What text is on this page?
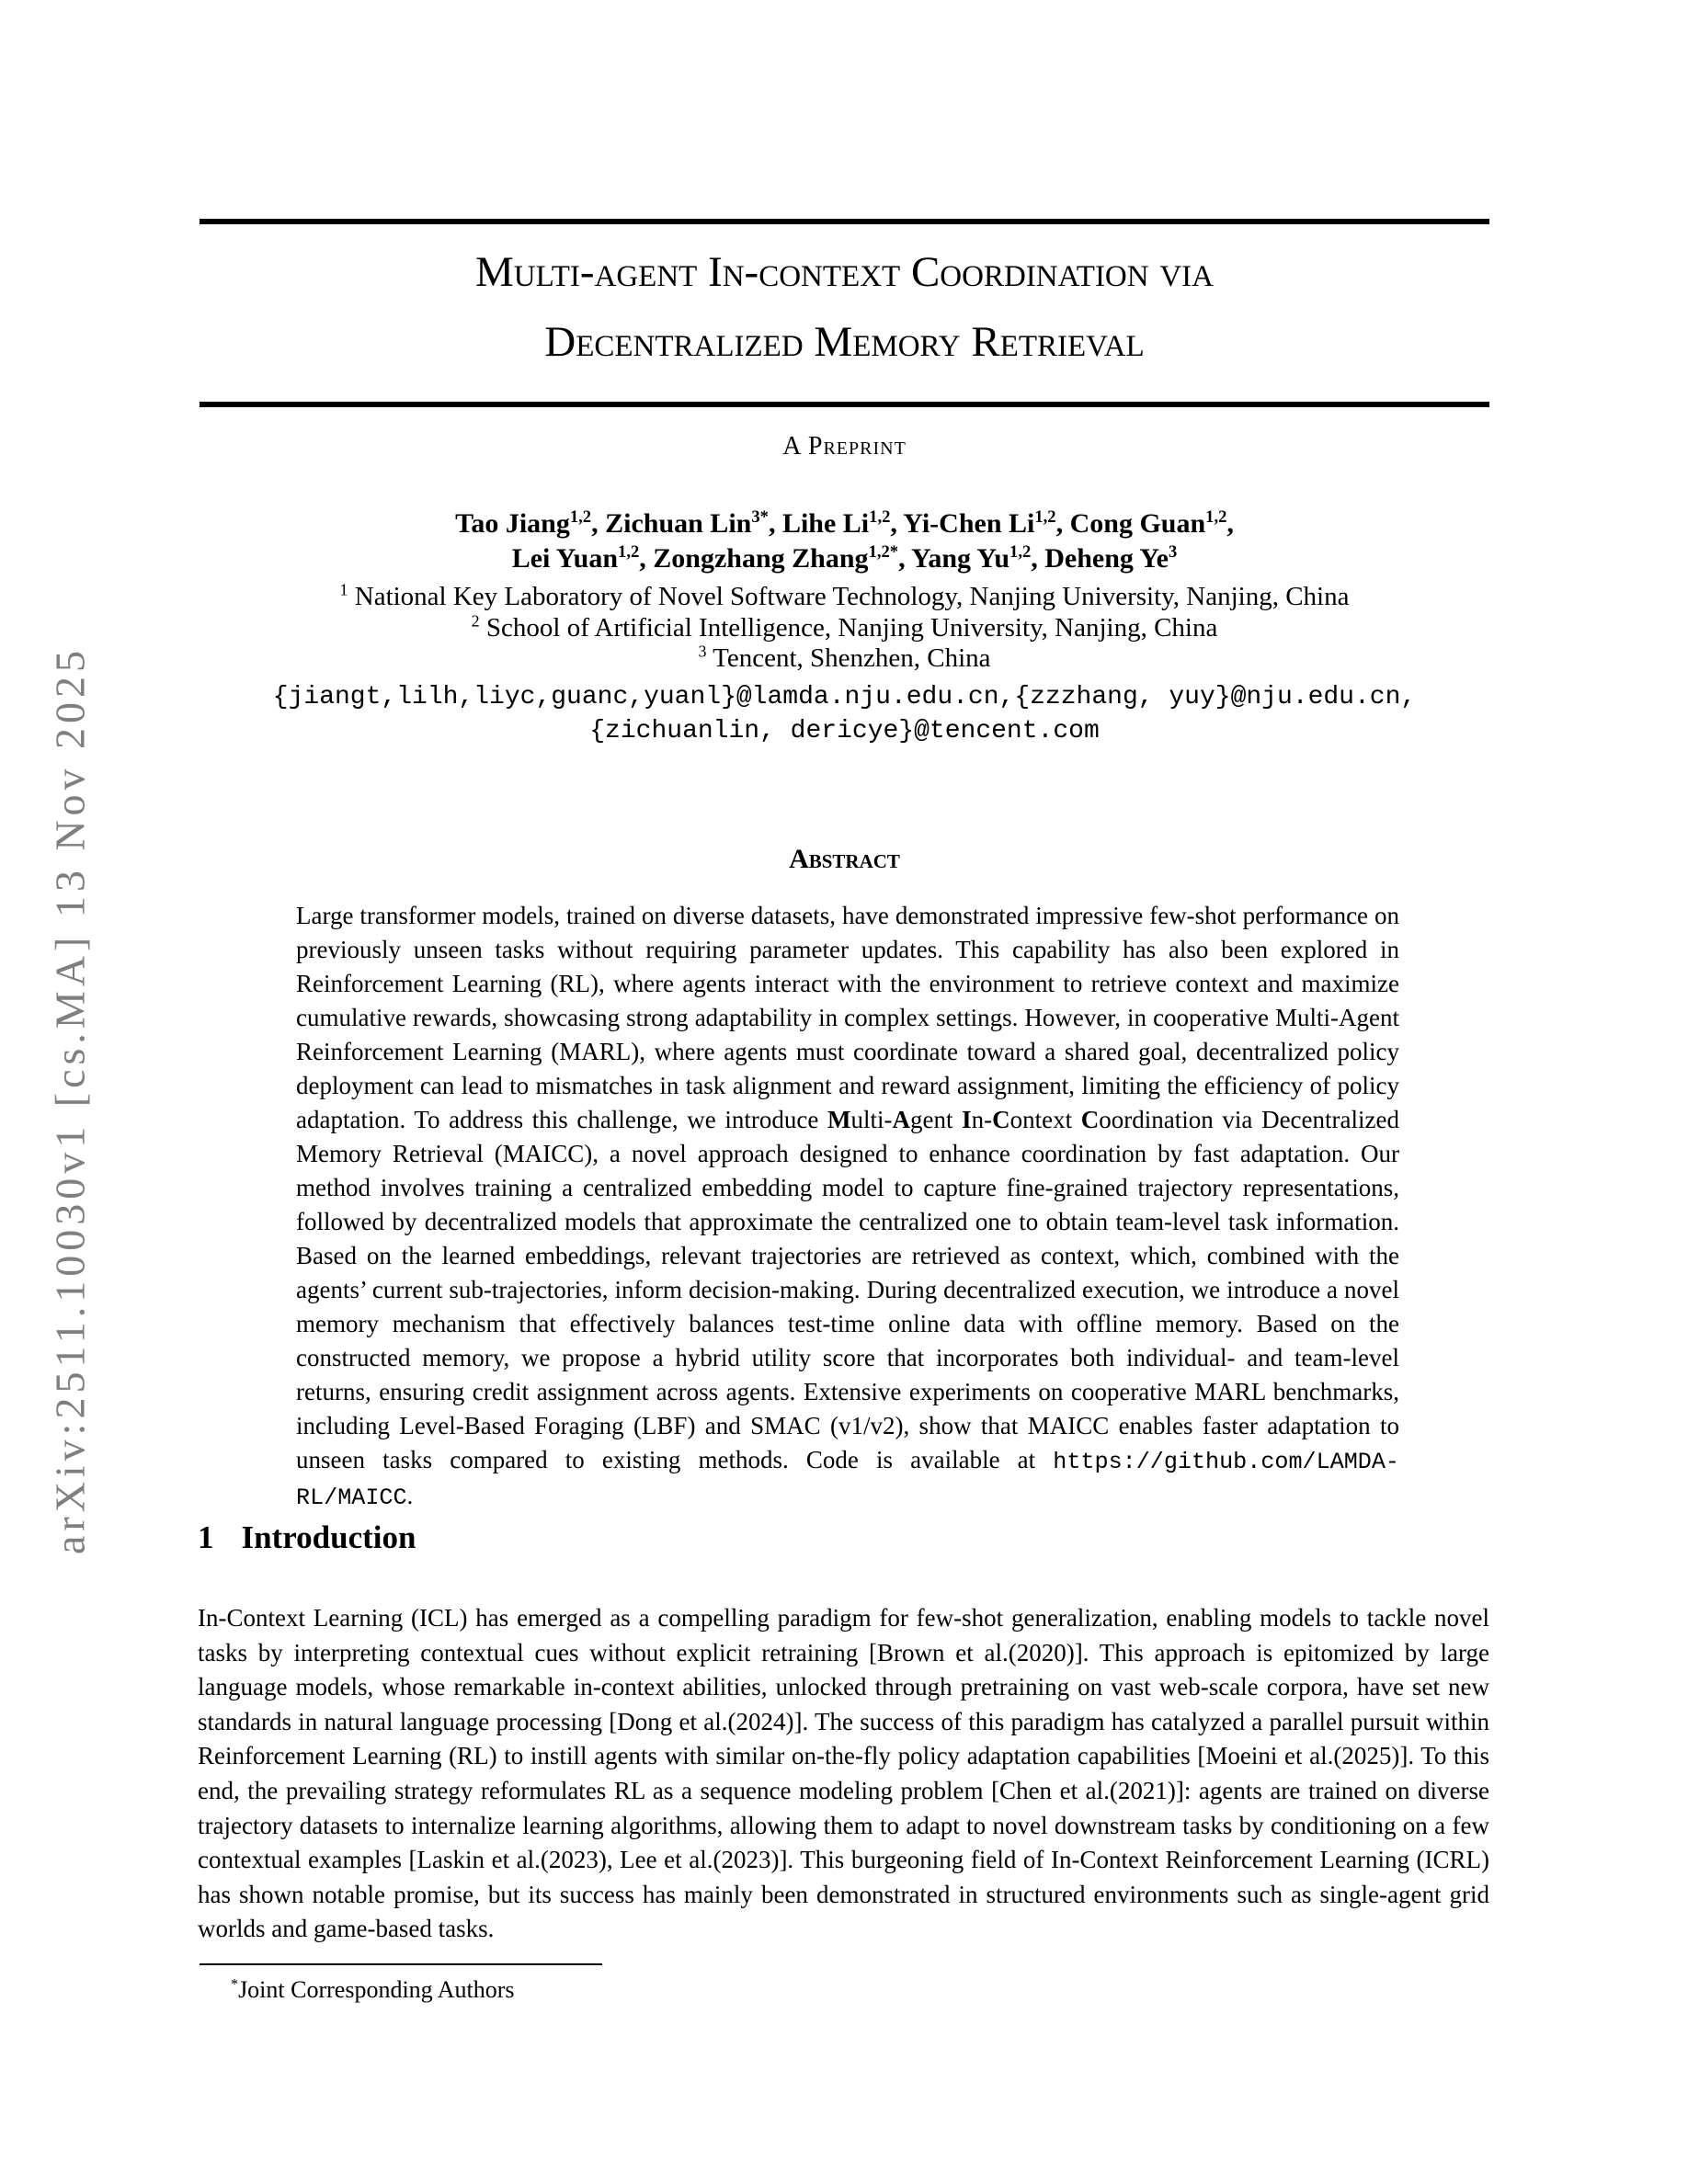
arXiv:2511.10030v1 [cs.MA] 13 Nov 2025
Multi-agent In-context Coordination via
Decentralized Memory Retrieval
A Preprint
Tao Jiang$^{1,2}$, Zichuan Lin$^{3*}$, Lihe Li$^{1,2}$, Yi-Chen Li$^{1,2}$, Cong Guan$^{1,2}$,
Lei Yuan$^{1,2}$, Zongzhang Zhang$^{1,2*}$, Yang Yu$^{1,2}$, Deheng Ye$^3$
$^1$ National Key Laboratory of Novel Software Technology, Nanjing University, Nanjing, China
$^2$ School of Artificial Intelligence, Nanjing University, Nanjing, China
$^3$ Tencent, Shenzhen, China
{jiangt,lilh,liyc,guanc,yuanl}@lamda.nju.edu.cn,{zzzhang, yuy}@nju.edu.cn,
{zichuanlin, dericye}@tencent.com
Abstract
Large transformer models, trained on diverse datasets, have demonstrated impressive few-shot performance on previously unseen tasks without requiring parameter updates. This capability has also been explored in Reinforcement Learning (RL), where agents interact with the environment to retrieve context and maximize cumulative rewards, showcasing strong adaptability in complex settings. However, in cooperative Multi-Agent Reinforcement Learning (MARL), where agents must coordinate toward a shared goal, decentralized policy deployment can lead to mismatches in task alignment and reward assignment, limiting the efficiency of policy adaptation. To address this challenge, we introduce Multi-Agent In-Context Coordination via Decentralized Memory Retrieval (MAICC), a novel approach designed to enhance coordination by fast adaptation. Our method involves training a centralized embedding model to capture fine-grained trajectory representations, followed by decentralized models that approximate the centralized one to obtain team-level task information. Based on the learned embeddings, relevant trajectories are retrieved as context, which, combined with the agents’ current sub-trajectories, inform decision-making. During decentralized execution, we introduce a novel memory mechanism that effectively balances test-time online data with offline memory. Based on the constructed memory, we propose a hybrid utility score that incorporates both individual- and team-level returns, ensuring credit assignment across agents. Extensive experiments on cooperative MARL benchmarks, including Level-Based Foraging (LBF) and SMAC (v1/v2), show that MAICC enables faster adaptation to unseen tasks compared to existing methods. Code is available at https://github.com/LAMDA-RL/MAICC.
1 Introduction
In-Context Learning (ICL) has emerged as a compelling paradigm for few-shot generalization, enabling models to tackle novel tasks by interpreting contextual cues without explicit retraining [Brown et al.(2020)]. This approach is epitomized by large language models, whose remarkable in-context abilities, unlocked through pretraining on vast web-scale corpora, have set new standards in natural language processing [Dong et al.(2024)]. The success of this paradigm has catalyzed a parallel pursuit within Reinforcement Learning (RL) to instill agents with similar on-the-fly policy adaptation capabilities [Moeini et al.(2025)]. To this end, the prevailing strategy reformulates RL as a sequence modeling problem [Chen et al.(2021)]: agents are trained on diverse trajectory datasets to internalize learning algorithms, allowing them to adapt to novel downstream tasks by conditioning on a few contextual examples [Laskin et al.(2023), Lee et al.(2023)]. This burgeoning field of In-Context Reinforcement Learning (ICRL) has shown notable promise, but its success has mainly been demonstrated in structured environments such as single-agent grid worlds and game-based tasks.
*Joint Corresponding Authors
